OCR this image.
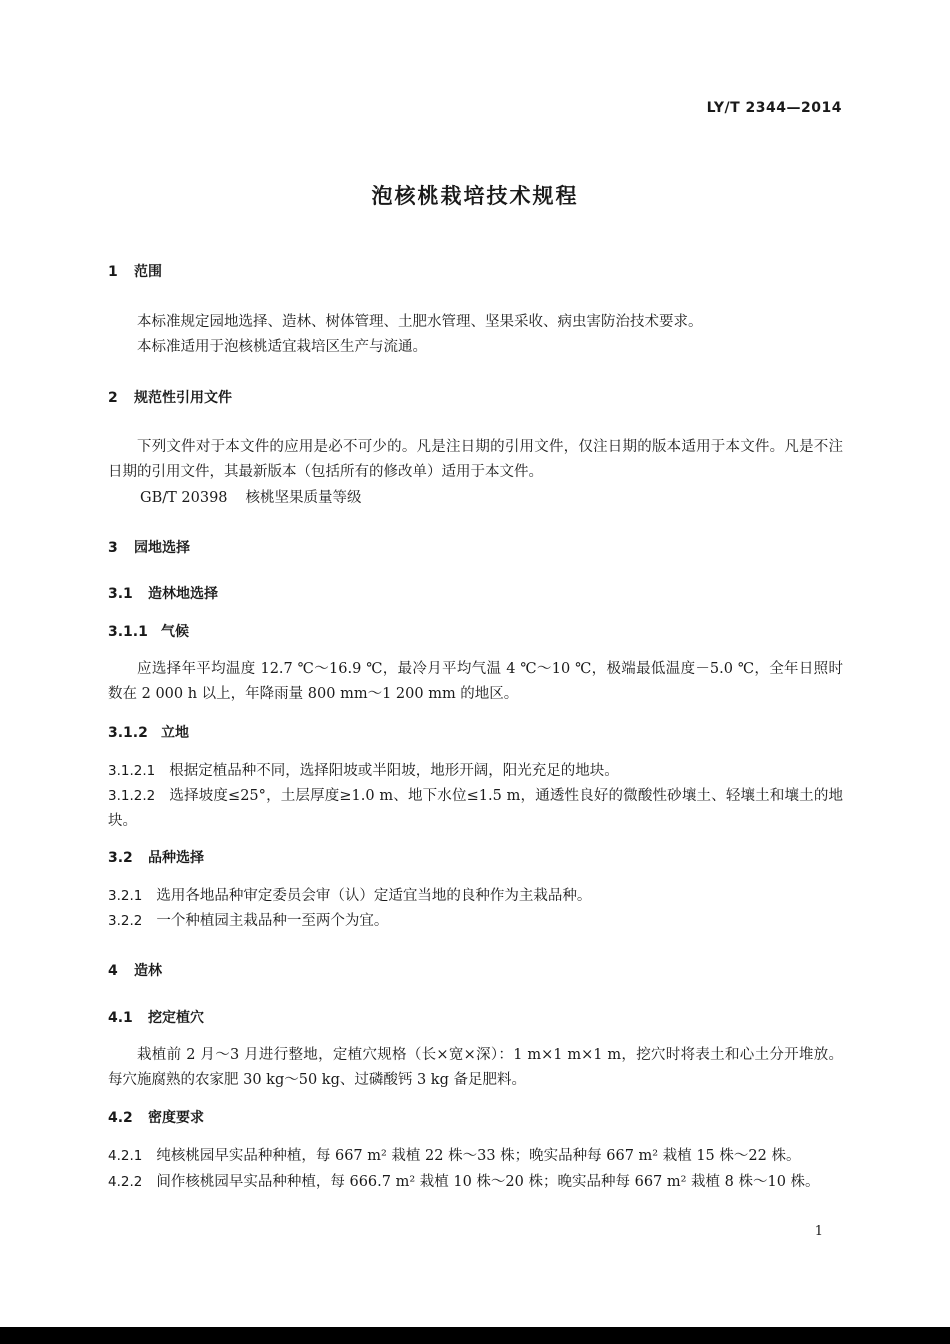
LY/T 2344—2014
泡核桃栽培技术规程
1 范围
本标准规定园地选择、造林、树体管理、土肥水管理、坚果采收、病虫害防治技术要求。
本标准适用于泡核桃适宜栽培区生产与流通。
2 规范性引用文件
下列文件对于本文件的应用是必不可少的。凡是注日期的引用文件，仅注日期的版本适用于本文件。凡是不注日期的引用文件，其最新版本（包括所有的修改单）适用于本文件。
GB/T 20398 核桃坚果质量等级
3 园地选择
3.1 造林地选择
3.1.1 气候
应选择年平均温度 12.7 ℃～16.9 ℃，最冷月平均气温 4 ℃～10 ℃，极端最低温度－5.0 ℃，全年日照时数在 2 000 h 以上，年降雨量 800 mm～1 200 mm 的地区。
3.1.2 立地
3.1.2.1 根据定植品种不同，选择阳坡或半阳坡，地形开阔，阳光充足的地块。
3.1.2.2 选择坡度≤25°，土层厚度≥1.0 m、地下水位≤1.5 m，通透性良好的微酸性砂壤土、轻壤土和壤土的地块。
3.2 品种选择
3.2.1 选用各地品种审定委员会审（认）定适宜当地的良种作为主栽品种。
3.2.2 一个种植园主栽品种一至两个为宜。
4 造林
4.1 挖定植穴
栽植前 2 月～3 月进行整地，定植穴规格（长×宽×深）：1 m×1 m×1 m，挖穴时将表土和心土分开堆放。每穴施腐熟的农家肥 30 kg～50 kg、过磷酸钙 3 kg 备足肥料。
4.2 密度要求
4.2.1 纯核桃园早实品种种植，每 667 m² 栽植 22 株～33 株；晚实品种每 667 m² 栽植 15 株～22 株。
4.2.2 间作核桃园早实品种种植，每 666.7 m² 栽植 10 株～20 株；晚实品种每 667 m² 栽植 8 株～10 株。
1
